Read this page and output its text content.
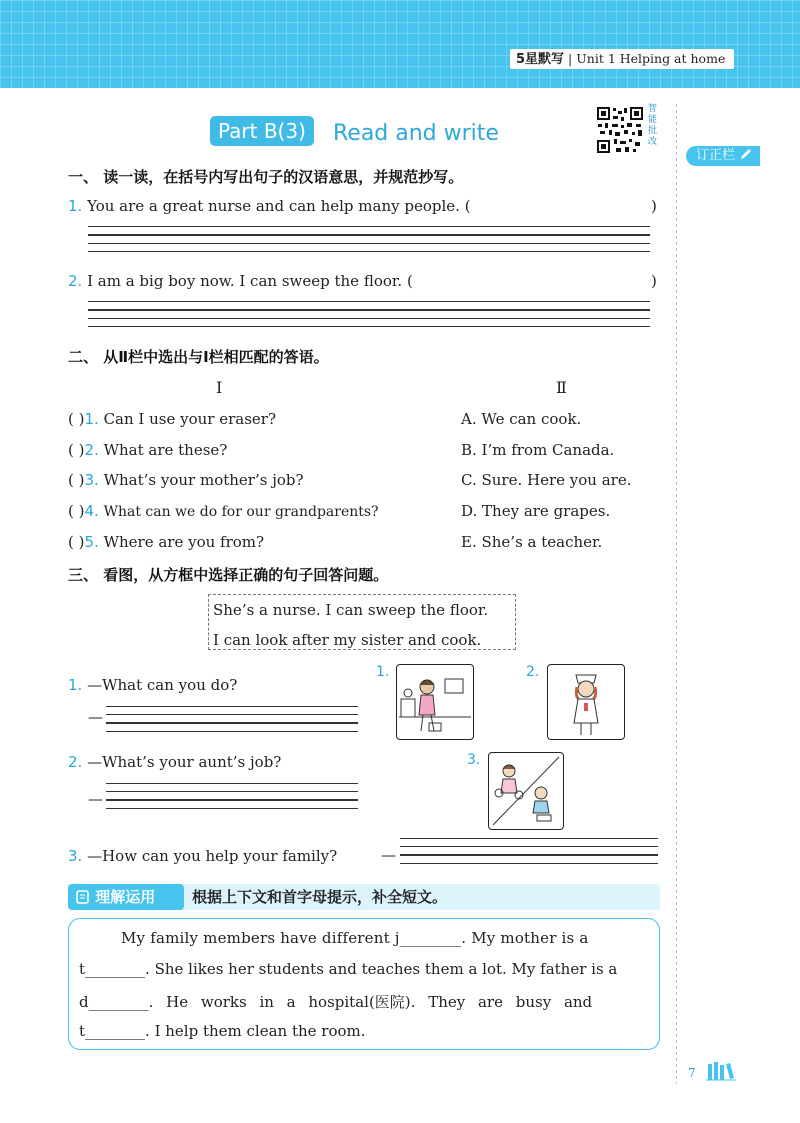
5星默写 | Unit 1 Helping at home
Part B(3) Read and write
智能批改
订正栏
一、 读一读，在括号内写出句子的汉语意思，并规范抄写。
1. You are a great nurse and can help many people. (	)
2. I am a big boy now. I can sweep the floor. (	)
二、 从Ⅱ栏中选出与Ⅰ栏相匹配的答语。
Ⅰ	Ⅱ
( )1. Can I use your eraser?	A. We can cook.
( )2. What are these?	B. I’m from Canada.
( )3. What’s your mother’s job?	C. Sure. Here you are.
( )4. What can we do for our grandparents?	D. They are grapes.
( )5. Where are you from?	E. She’s a teacher.
三、 看图，从方框中选择正确的句子回答问题。
She’s a nurse. I can sweep the floor.
I can look after my sister and cook.
1. —What can you do?
—
2. —What’s your aunt’s job?
—
3. —How can you help your family?	—
1.	2.
3.
理解运用	根据上下文和首字母提示，补全短文。
My family members have different j________. My mother is a
t________. She likes her students and teaches them a lot. My father is a
d________. He works in a hospital(医院). They are busy and
t________. I help them clean the room.
7
